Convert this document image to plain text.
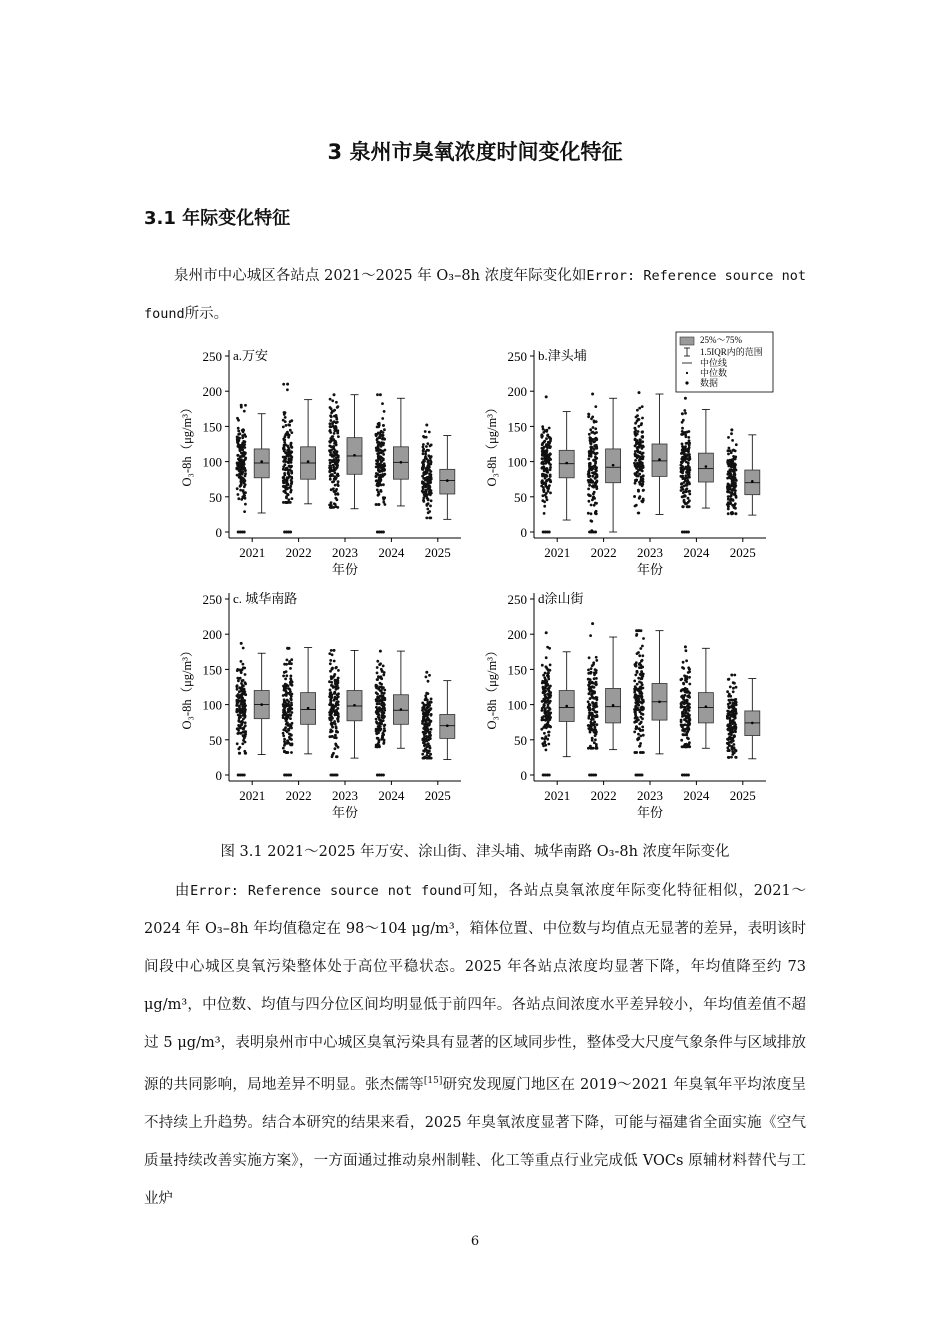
3 泉州市臭氧浓度时间变化特征
3.1 年际变化特征
泉州市中心城区各站点 2021～2025 年 O₃–8h 浓度年际变化如Error: Reference source not found所示。
0
50
100
150
200
250
O₃-8h（μg/m³）
a.万安
2021 2022 2023 2024 2025
年份
0
50
100
150
200
250
O₃-8h（μg/m³）
b.津头埔
2021 2022 2023 2024 2025
年份
0
50
100
150
200
250
O₃-8h（μg/m³）
c. 城华南路
2021 2022 2023 2024 2025
年份
0
50
100
150
200
250
O₃-8h（μg/m³）
d涂山街
2021 2022 2023 2024 2025
年份
25%～75%
1.5IQR内的范围
中位线
中位数
数据
图 3.1 2021～2025 年万安、涂山街、津头埔、城华南路 O₃-8h 浓度年际变化
由Error: Reference source not found可知，各站点臭氧浓度年际变化特征相似，2021～2024 年 O₃–8h 年均值稳定在 98～104 μg/m³，箱体位置、中位数与均值点无显著的差异，表明该时间段中心城区臭氧污染整体处于高位平稳状态。2025 年各站点浓度均显著下降，年均值降至约 73 μg/m³，中位数、均值与四分位区间均明显低于前四年。各站点间浓度水平差异较小，年均值差值不超过 5 μg/m³，表明泉州市中心城区臭氧污染具有显著的区域同步性，整体受大尺度气象条件与区域排放源的共同影响，局地差异不明显。张杰儒等[15]研究发现厦门地区在 2019～2021 年臭氧年平均浓度呈不持续上升趋势。结合本研究的结果来看，2025 年臭氧浓度显著下降，可能与福建省全面实施《空气质量持续改善实施方案》，一方面通过推动泉州制鞋、化工等重点行业完成低 VOCs 原辅材料替代与工业炉
6
